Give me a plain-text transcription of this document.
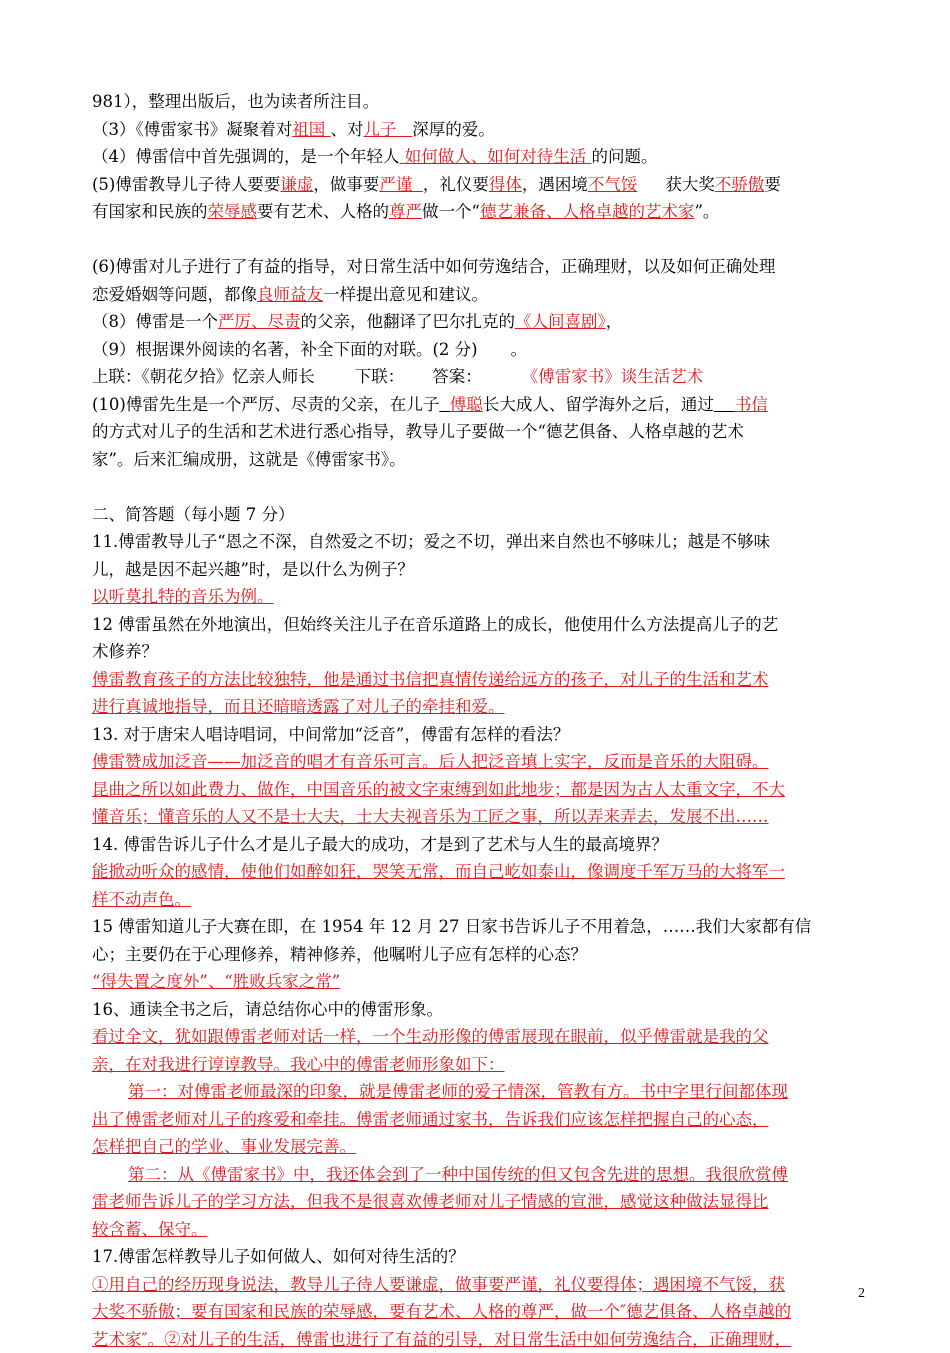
981），整理出版后，也为读者所注目。
（3）《傅雷家书》凝聚着对祖国 、对儿子 深厚的爱。
（4）傅雷信中首先强调的，是一个年轻人 如何做人、如何对待生活 的问题。
(5)傅雷教导儿子待人要要谦虚，做事要严谨 ，礼仪要得体，遇困境不气馁 获大奖不骄傲要
有国家和民族的荣辱感要有艺术、人格的尊严做一个“德艺兼备、人格卓越的艺术家”。
(6)傅雷对儿子进行了有益的指导，对日常生活中如何劳逸结合，正确理财，以及如何正确处理
恋爱婚姻等问题，都像良师益友一样提出意见和建议。
（8）傅雷是一个严厉、尽责的父亲，他翻译了巴尔扎克的《人间喜剧》，
（9）根据课外阅读的名著，补全下面的对联。(2 分)　　。
上联：《朝花夕拾》忆亲人师长 下联： 答案： 《傅雷家书》谈生活艺术
(10)傅雷先生是一个严厉、尽责的父亲，在儿子 傅聪长大成人、留学海外之后，通过 书信
的方式对儿子的生活和艺术进行悉心指导，教导儿子要做一个“德艺俱备、人格卓越的艺术
家”。后来汇编成册，这就是《傅雷家书》。
二、简答题（每小题 7 分）
11.傅雷教导儿子“恩之不深，自然爱之不切；爱之不切，弹出来自然也不够味儿；越是不够味
儿，越是因不起兴趣”时，是以什么为例子？
以听莫扎特的音乐为例。
12 傅雷虽然在外地演出，但始终关注儿子在音乐道路上的成长，他使用什么方法提高儿子的艺
术修养？
傅雷教育孩子的方法比较独特，他是通过书信把真情传递给远方的孩子，对儿子的生活和艺术
进行真诚地指导，而且还暗暗透露了对儿子的牵挂和爱。
13. 对于唐宋人唱诗唱词，中间常加“泛音”，傅雷有怎样的看法？
傅雷赞成加泛音——加泛音的唱才有音乐可言。后人把泛音填上实字，反而是音乐的大阻碍。
昆曲之所以如此费力、做作，中国音乐的被文字束缚到如此地步；都是因为古人太重文字，不大
懂音乐；懂音乐的人又不是士大夫，士大夫视音乐为工匠之事，所以弄来弄去，发展不出……
14. 傅雷告诉儿子什么才是儿子最大的成功，才是到了艺术与人生的最高境界？
能掀动听众的感情，使他们如醉如狂，哭笑无常，而自己屹如泰山，像调度千军万马的大将军一
样不动声色。
15 傅雷知道儿子大赛在即，在 1954 年 12 月 27 日家书告诉儿子不用着急，……我们大家都有信
心；主要仍在于心理修养，精神修养，他嘱咐儿子应有怎样的心态？
“得失置之度外”、“胜败兵家之常”
16、通读全书之后，请总结你心中的傅雷形象。
看过全文，犹如跟傅雷老师对话一样，一个生动形像的傅雷展现在眼前，似乎傅雷就是我的父
亲，在对我进行谆谆教导。我心中的傅雷老师形象如下：
第一：对傅雷老师最深的印象，就是傅雷老师的爱子情深，管教有方。书中字里行间都体现
出了傅雷老师对儿子的疼爱和牵挂。傅雷老师通过家书，告诉我们应该怎样把握自己的心态，
怎样把自己的学业、事业发展完善。
第二：从《傅雷家书》中，我还体会到了一种中国传统的但又包含先进的思想。我很欣赏傅
雷老师告诉儿子的学习方法，但我不是很喜欢傅老师对儿子情感的宣泄，感觉这种做法显得比
较含蓄、保守。
17.傅雷怎样教导儿子如何做人、如何对待生活的？
①用自己的经历现身说法，教导儿子待人要谦虚，做事要严谨，礼仪要得体；遇困境不气馁，获
大奖不骄傲；要有国家和民族的荣辱感，要有艺术、人格的尊严，做一个″德艺俱备、人格卓越的
艺术家″。②对儿子的生活，傅雷也进行了有益的引导，对日常生活中如何劳逸结合，正确理财，
2
